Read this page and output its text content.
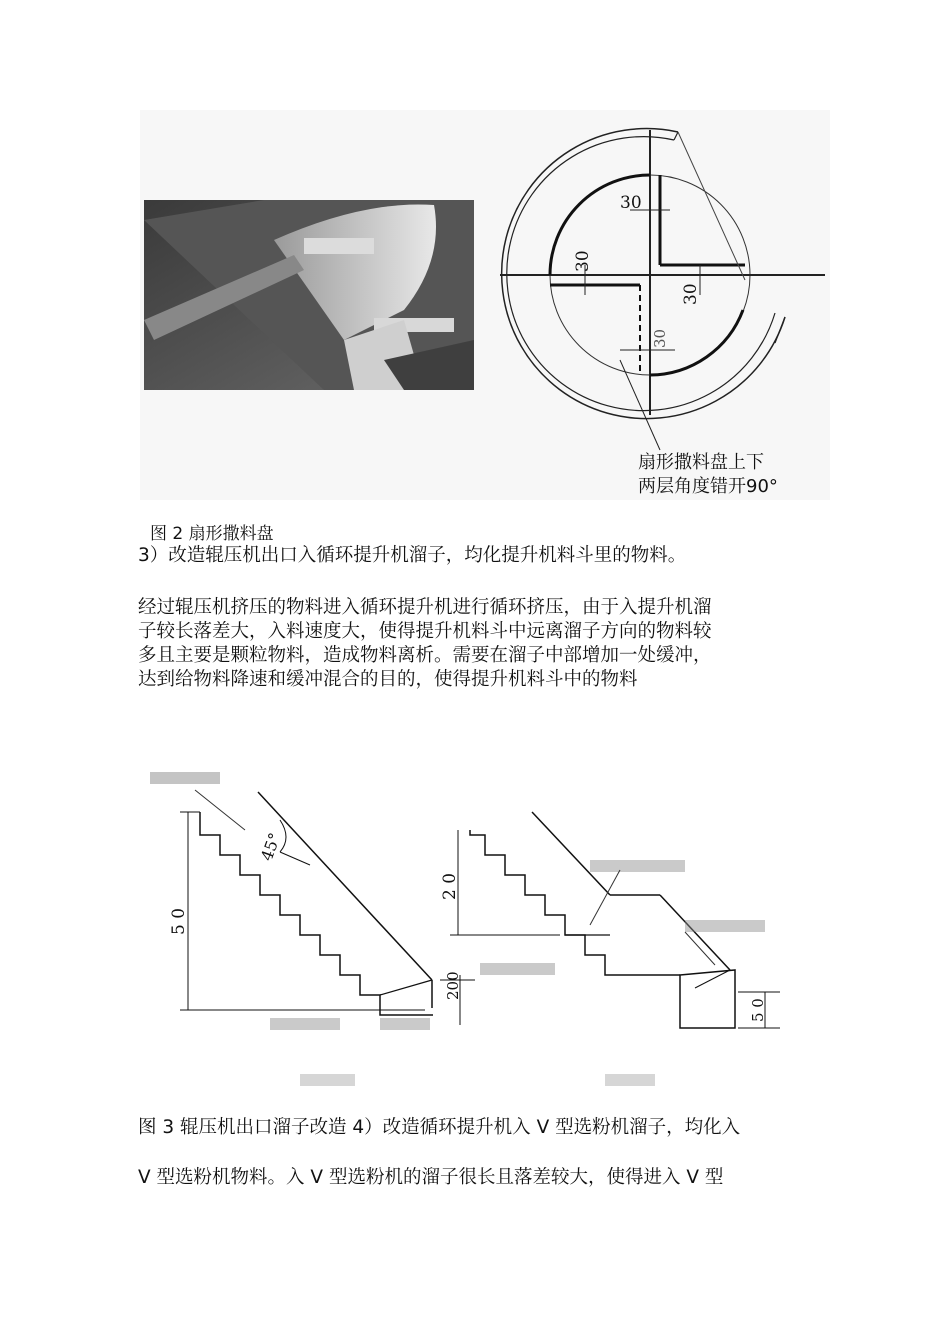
30
30
30
30
扇形撒料盘上下
两层角度错开90°
图 2 扇形撒料盘

3）改造辊压机出口入循环提升机溜子，均化提升机料斗里的物料。

经过辊压机挤压的物料进入循环提升机进行循环挤压，由于入提升机溜

子较长落差大，入料速度大，使得提升机料斗中远离溜子方向的物料较

多且主要是颗粒物料，造成物料离析。需要在溜子中部增加一处缓冲，

达到给物料降速和缓冲混合的目的，使得提升机料斗中的物料

45°
5 0
200
2 0
5 0

图 3 辊压机出口溜子改造 4）改造循环提升机入 V 型选粉机溜子，均化入

V 型选粉机物料。入 V 型选粉机的溜子很长且落差较大，使得进入 V 型
